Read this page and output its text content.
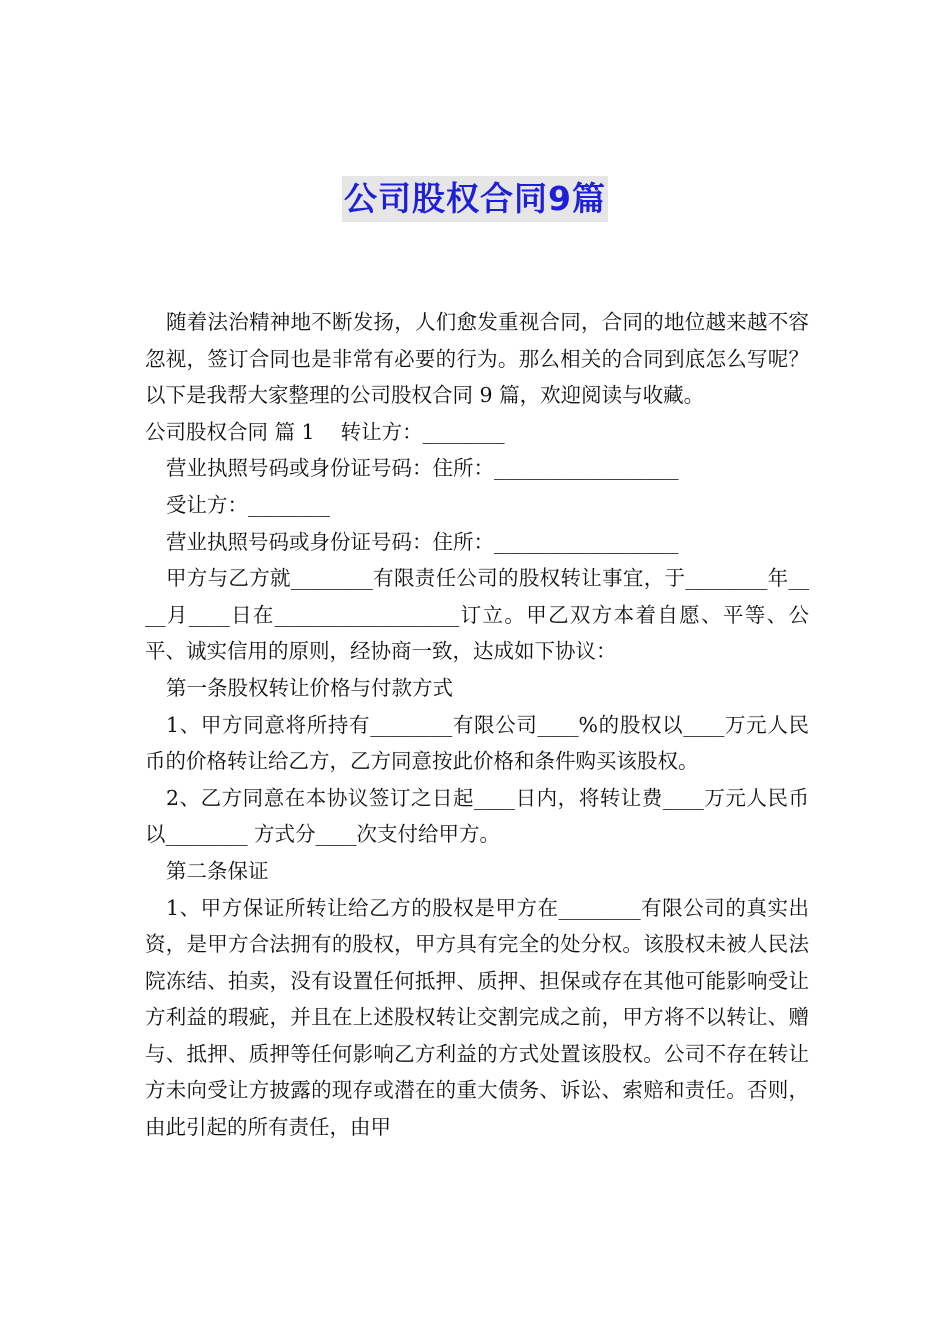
公司股权合同9篇

随着法治精神地不断发扬，人们愈发重视合同，合同的地位越来越不容忽视，签订合同也是非常有必要的行为。那么相关的合同到底怎么写呢？以下是我帮大家整理的公司股权合同 9 篇，欢迎阅读与收藏。

公司股权合同 篇 1    转让方：________

营业执照号码或身份证号码：住所：__________________

受让方：________

营业执照号码或身份证号码：住所：__________________

甲方与乙方就________有限责任公司的股权转让事宜，于________年____月____日在__________________订立。甲乙双方本着自愿、平等、公平、诚实信用的原则，经协商一致，达成如下协议：

第一条股权转让价格与付款方式

1、甲方同意将所持有________有限公司____%的股权以____万元人民币的价格转让给乙方，乙方同意按此价格和条件购买该股权。

2、乙方同意在本协议签订之日起____日内，将转让费____万元人民币以________ 方式分____次支付给甲方。

第二条保证

1、甲方保证所转让给乙方的股权是甲方在________有限公司的真实出资，是甲方合法拥有的股权，甲方具有完全的处分权。该股权未被人民法院冻结、拍卖，没有设置任何抵押、质押、担保或存在其他可能影响受让方利益的瑕疵，并且在上述股权转让交割完成之前，甲方将不以转让、赠与、抵押、质押等任何影响乙方利益的方式处置该股权。公司不存在转让方未向受让方披露的现存或潜在的重大债务、诉讼、索赔和责任。否则，由此引起的所有责任，由甲
